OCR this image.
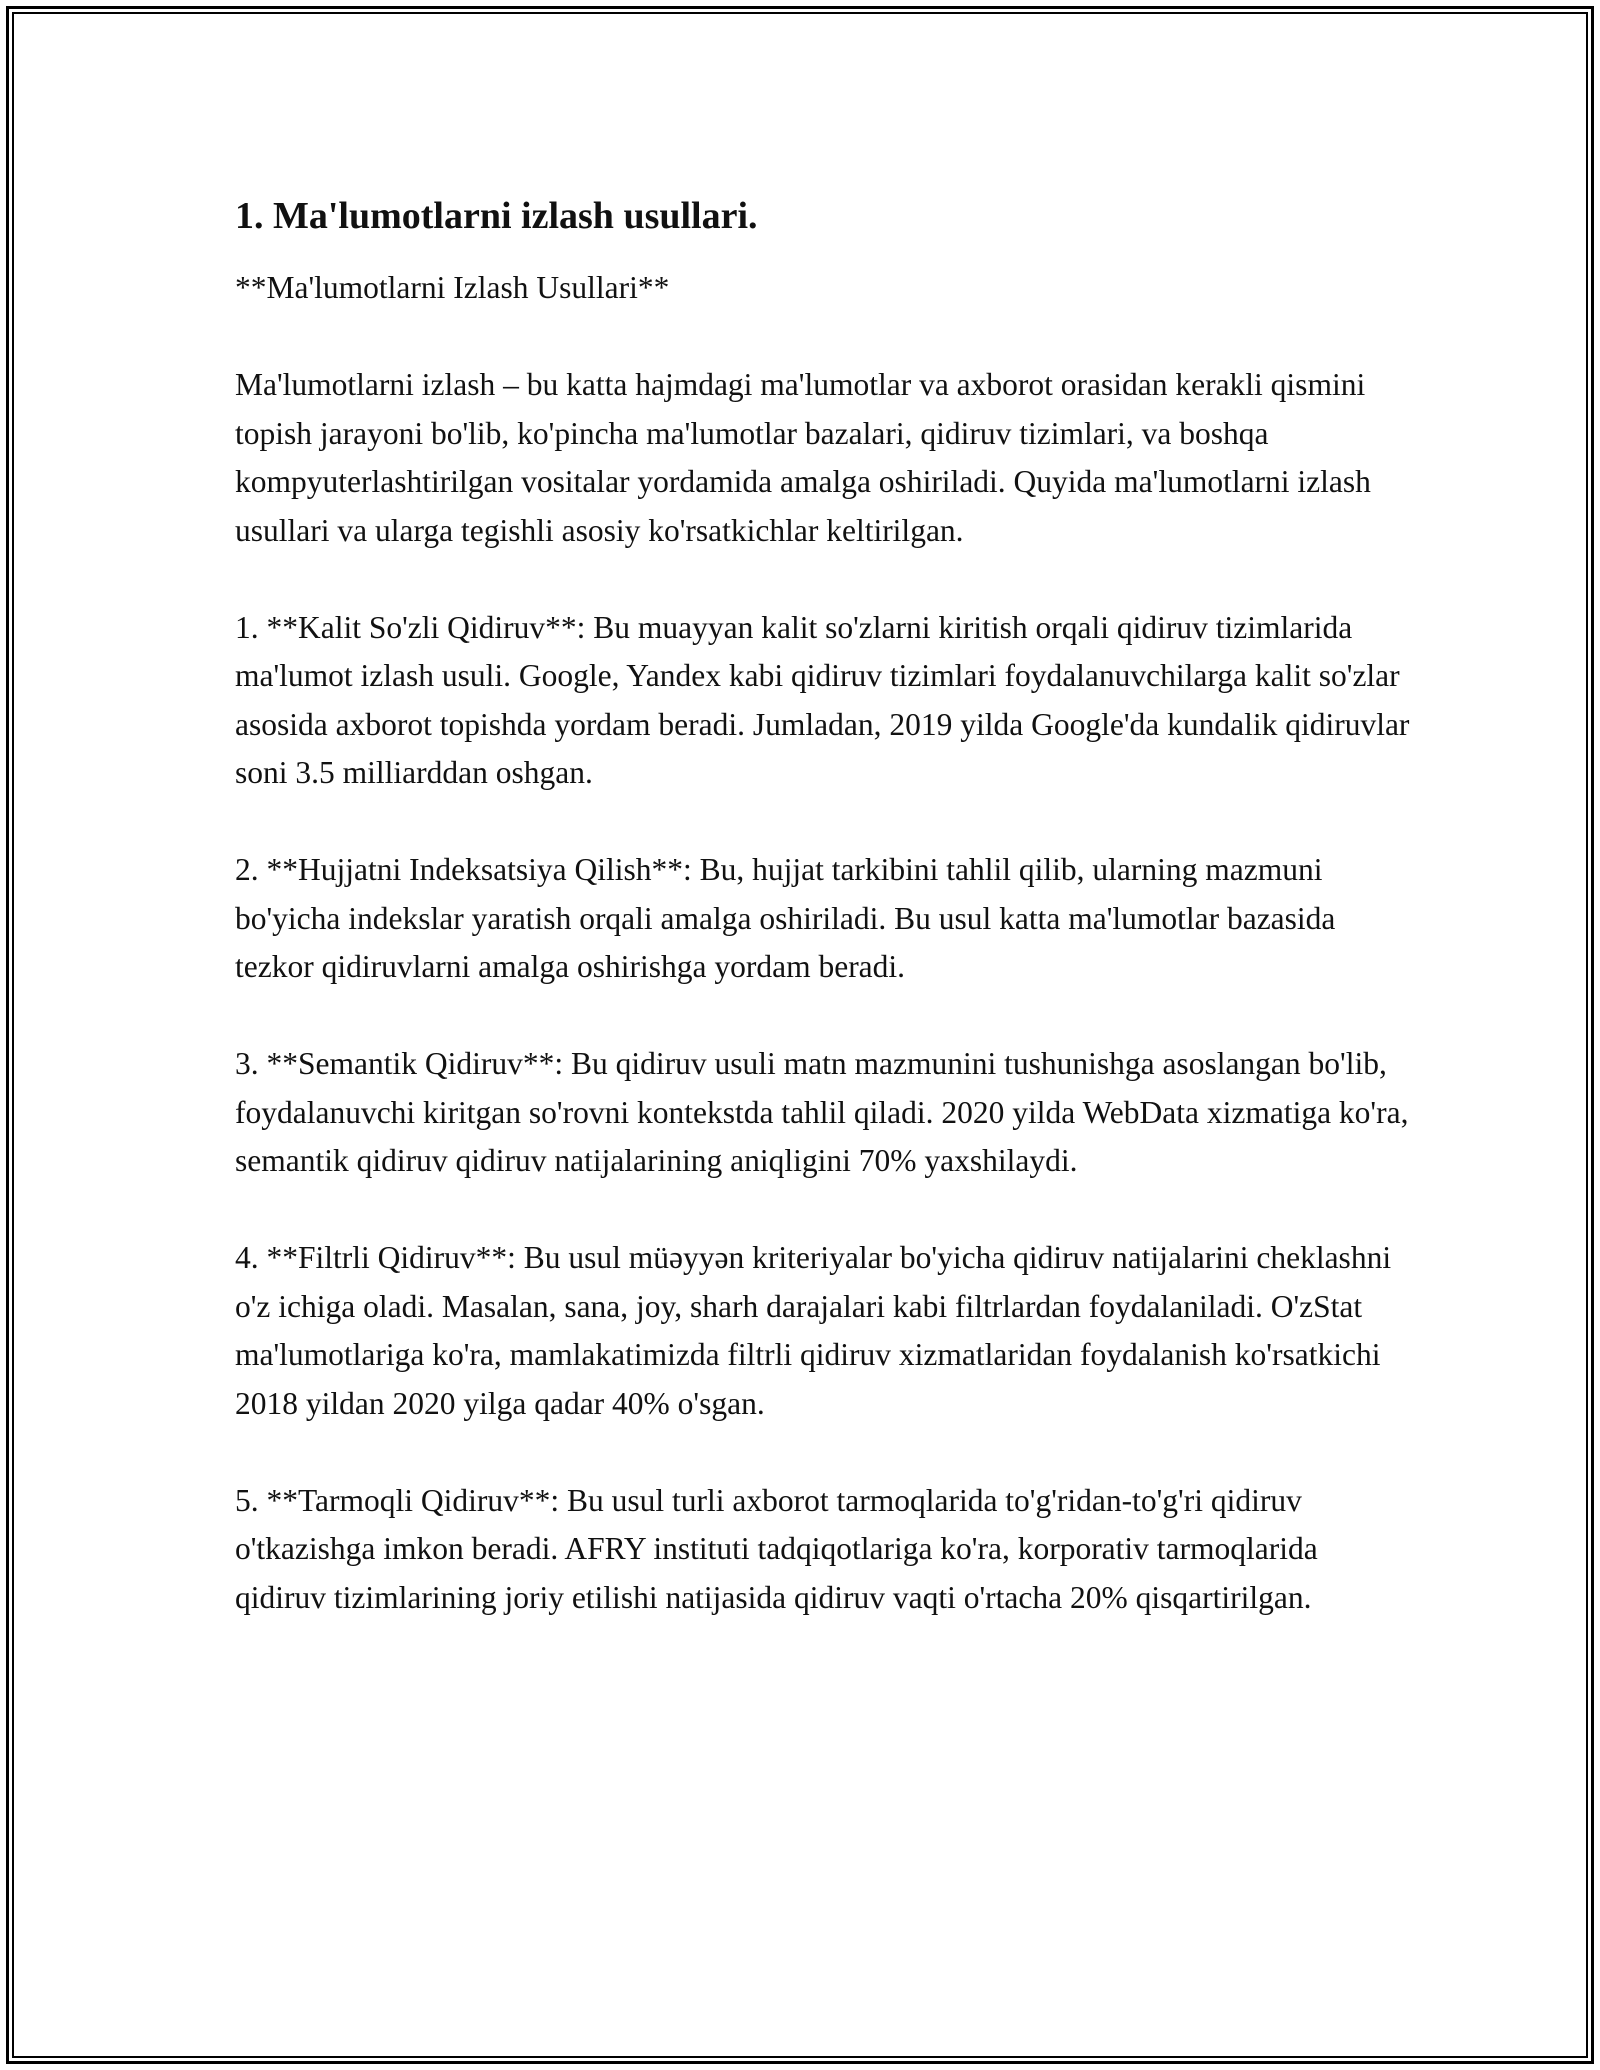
1. Ma'lumotlarni izlash usullari.

**Ma'lumotlarni Izlash Usullari**

Ma'lumotlarni izlash – bu katta hajmdagi ma'lumotlar va axborot orasidan kerakli qismini topish jarayoni bo'lib, ko'pincha ma'lumotlar bazalari, qidiruv tizimlari, va boshqa kompyuterlashtirilgan vositalar yordamida amalga oshiriladi. Quyida ma'lumotlarni izlash usullari va ularga tegishli asosiy ko'rsatkichlar keltirilgan.

1. **Kalit So'zli Qidiruv**: Bu muayyan kalit so'zlarni kiritish orqali qidiruv tizimlarida ma'lumot izlash usuli. Google, Yandex kabi qidiruv tizimlari foydalanuvchilarga kalit so'zlar asosida axborot topishda yordam beradi. Jumladan, 2019 yilda Google'da kundalik qidiruvlar soni 3.5 milliarddan oshgan.

2. **Hujjatni Indeksatsiya Qilish**: Bu, hujjat tarkibini tahlil qilib, ularning mazmuni bo'yicha indekslar yaratish orqali amalga oshiriladi. Bu usul katta ma'lumotlar bazasida tezkor qidiruvlarni amalga oshirishga yordam beradi.

3. **Semantik Qidiruv**: Bu qidiruv usuli matn mazmunini tushunishga asoslangan bo'lib, foydalanuvchi kiritgan so'rovni kontekstda tahlil qiladi. 2020 yilda WebData xizmatiga ko'ra, semantik qidiruv qidiruv natijalarining aniqligini 70% yaxshilaydi.

4. **Filtrli Qidiruv**: Bu usul müəyyən kriteriyalar bo'yicha qidiruv natijalarini cheklashni o'z ichiga oladi. Masalan, sana, joy, sharh darajalari kabi filtrlardan foydalaniladi. O'zStat ma'lumotlariga ko'ra, mamlakatimizda filtrli qidiruv xizmatlaridan foydalanish ko'rsatkichi 2018 yildan 2020 yilga qadar 40% o'sgan.

5. **Tarmoqli Qidiruv**: Bu usul turli axborot tarmoqlarida to'g'ridan-to'g'ri qidiruv o'tkazishga imkon beradi. AFRY instituti tadqiqotlariga ko'ra, korporativ tarmoqlarida qidiruv tizimlarining joriy etilishi natijasida qidiruv vaqti o'rtacha 20% qisqartirilgan.
